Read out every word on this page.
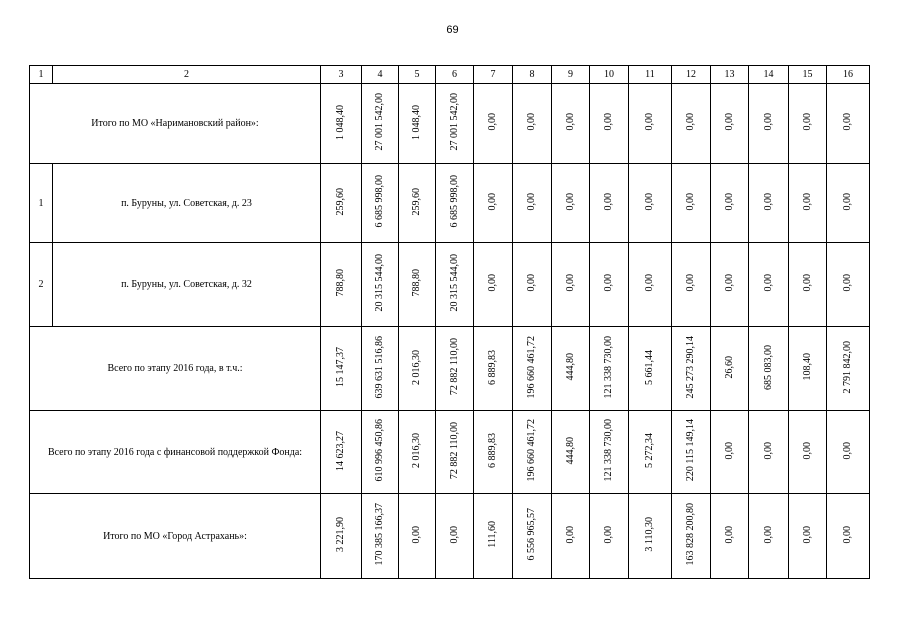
69
1	2	3	4	5	6	7	8	9	10	11	12	13	14	15	16
Итого по МО «Наримановский район»:		1 048,40	27 001 542,00	1 048,40	27 001 542,00	0,00	0,00	0,00	0,00	0,00	0,00	0,00	0,00	0,00	0,00
1	п. Буруны, ул. Советская, д. 23	259,60	6 685 998,00	259,60	6 685 998,00	0,00	0,00	0,00	0,00	0,00	0,00	0,00	0,00	0,00	0,00
2	п. Буруны, ул. Советская, д. 32	788,80	20 315 544,00	788,80	20 315 544,00	0,00	0,00	0,00	0,00	0,00	0,00	0,00	0,00	0,00	0,00
Всего по этапу 2016 года, в т.ч.:		15 147,37	639 631 516,86	2 016,30	72 882 110,00	6 889,83	196 660 461,72	444,80	121 338 730,00	5 661,44	245 273 290,14	26,60	685 083,00	108,40	2 791 842,00
Всего по этапу 2016 года с финансовой поддержкой Фонда:		14 623,27	610 996 450,86	2 016,30	72 882 110,00	6 889,83	196 660 461,72	444,80	121 338 730,00	5 272,34	220 115 149,14	0,00	0,00	0,00	0,00
Итого по МО «Город Астрахань»:		3 221,90	170 385 166,37	0,00	0,00	111,60	6 556 965,57	0,00	0,00	3 110,30	163 828 200,80	0,00	0,00	0,00	0,00
